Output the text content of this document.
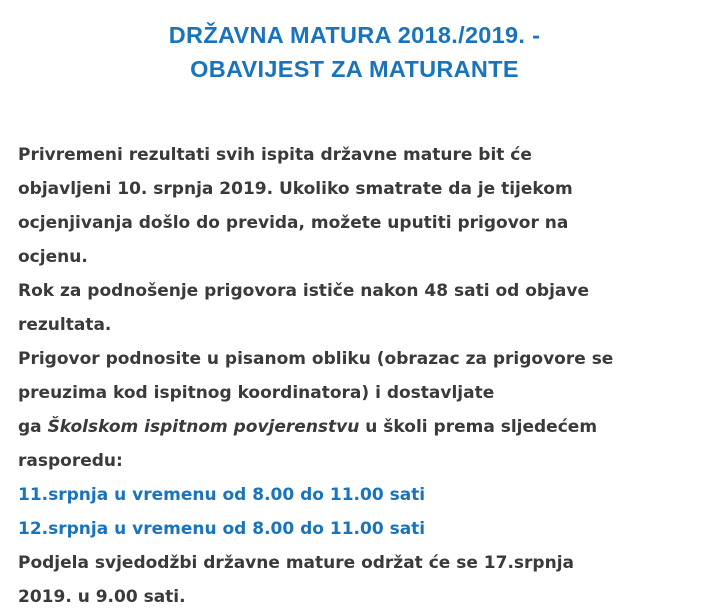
DRŽAVNA MATURA 2018./2019. -
OBAVIJEST ZA MATURANTE
Privremeni rezultati svih ispita državne mature bit će
objavljeni 10. srpnja 2019. Ukoliko smatrate da je tijekom
ocjenjivanja došlo do previda, možete uputiti prigovor na
ocjenu.
Rok za podnošenje prigovora ističe nakon 48 sati od objave
rezultata.
Prigovor podnosite u pisanom obliku (obrazac za prigovore se
preuzima kod ispitnog koordinatora) i dostavljate
ga Školskom ispitnom povjerenstvu u školi prema sljedećem
rasporedu:
11.srpnja u vremenu od 8.00 do 11.00 sati
12.srpnja u vremenu od 8.00 do 11.00 sati
Podjela svjedodžbi državne mature održat će se 17.srpnja
2019. u 9.00 sati.
